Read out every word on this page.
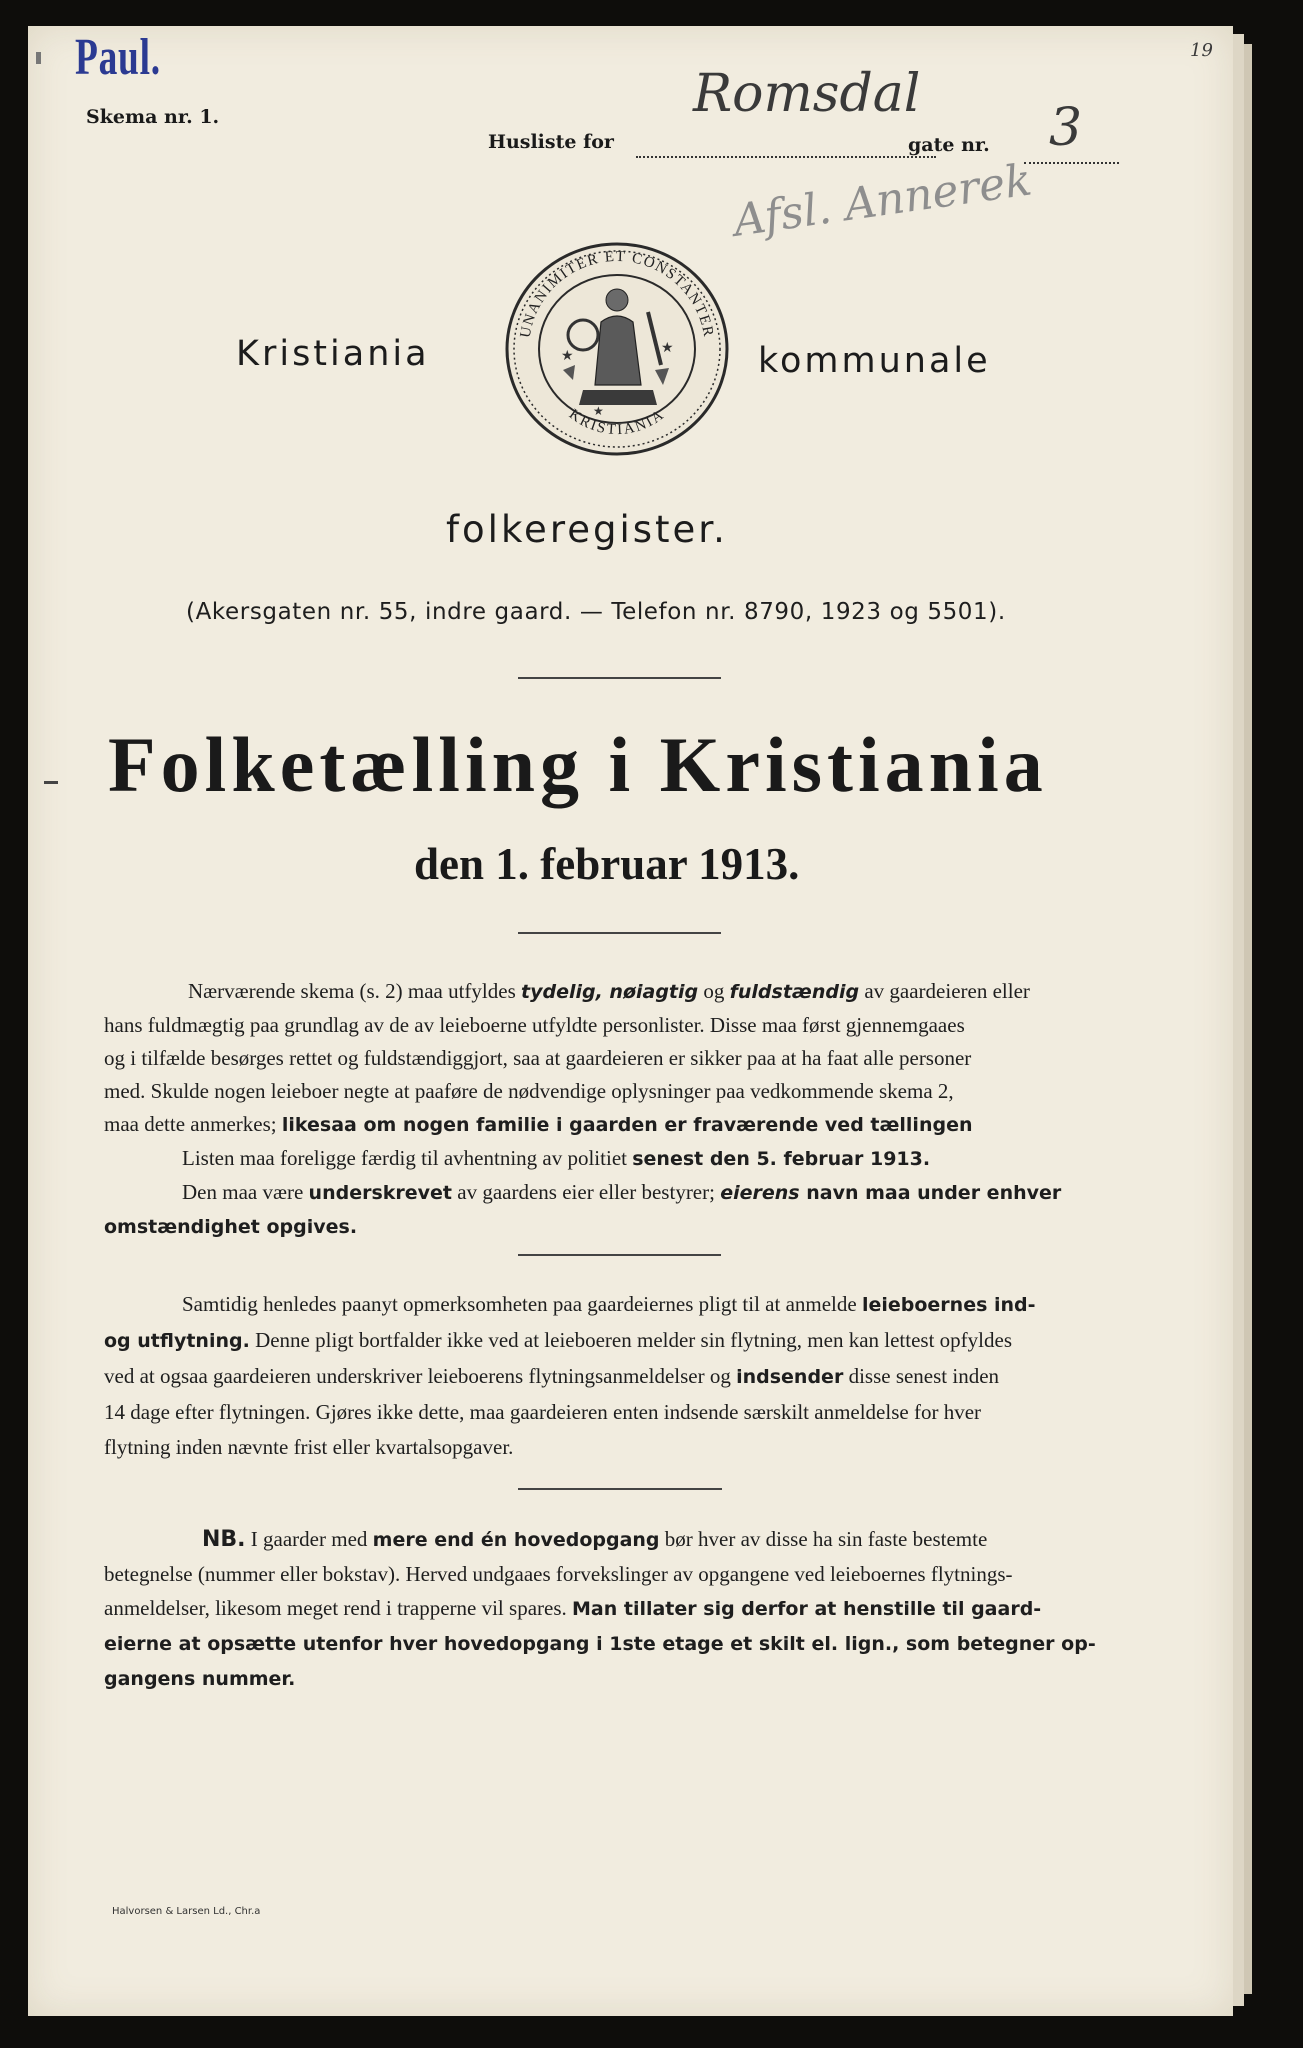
Paul.	19
Skema nr. 1.
Husliste for
Romsdal
gate nr. 3
Afsl. Annerek
UNANIMITER ET CONSTANTER
KRISTIANIA
★	★
★
Kristiania	kommunale
folkeregister.
(Akersgaten nr. 55, indre gaard. — Telefon nr. 8790, 1923 og 5501).
Folketælling i Kristiania
den 1. februar 1913.
Nærværende skema (s. 2) maa utfyldes tydelig, nøiagtig og fuldstændig av gaardeieren eller
hans fuldmægtig paa grundlag av de av leieboerne utfyldte personlister. Disse maa først gjennemgaaes
og i tilfælde besørges rettet og fuldstændiggjort, saa at gaardeieren er sikker paa at ha faat alle personer
med. Skulde nogen leieboer negte at paaføre de nødvendige oplysninger paa vedkommende skema 2,
maa dette anmerkes; likesaa om nogen familie i gaarden er fraværende ved tællingen
Listen maa foreligge færdig til avhentning av politiet senest den 5. februar 1913.
Den maa være underskrevet av gaardens eier eller bestyrer; eierens navn maa under enhver
omstændighet opgives.
Samtidig henledes paanyt opmerksomheten paa gaardeiernes pligt til at anmelde leieboernes ind-
og utflytning. Denne pligt bortfalder ikke ved at leieboeren melder sin flytning, men kan lettest opfyldes
ved at ogsaa gaardeieren underskriver leieboerens flytningsanmeldelser og indsender disse senest inden
14 dage efter flytningen. Gjøres ikke dette, maa gaardeieren enten indsende særskilt anmeldelse for hver
flytning inden nævnte frist eller kvartalsopgaver.
NB. I gaarder med mere end én hovedopgang bør hver av disse ha sin faste bestemte
betegnelse (nummer eller bokstav). Herved undgaaes forvekslinger av opgangene ved leieboernes flytnings-
anmeldelser, likesom meget rend i trapperne vil spares. Man tillater sig derfor at henstille til gaard-
eierne at opsætte utenfor hver hovedopgang i 1ste etage et skilt el. lign., som betegner op-
gangens nummer.
Halvorsen & Larsen Ld., Chr.a
